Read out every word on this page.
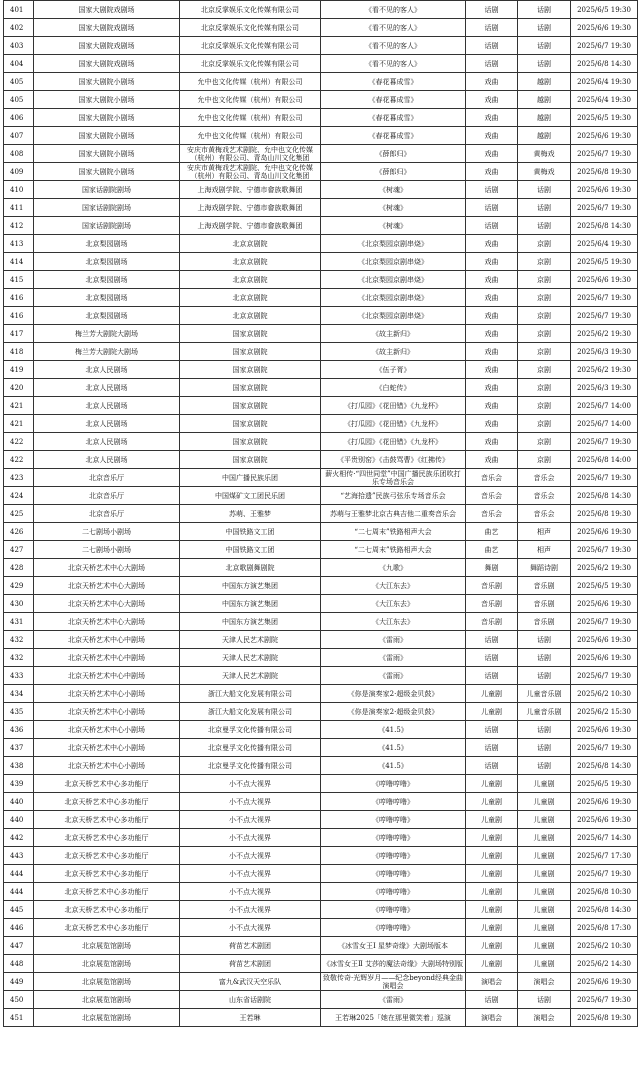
401	国家大剧院戏剧场	北京反掌娱乐文化传媒有限公司	《看不见的客人》	话剧	话剧	2025/6/5 19:30
402	国家大剧院戏剧场	北京反掌娱乐文化传媒有限公司	《看不见的客人》	话剧	话剧	2025/6/6 19:30
403	国家大剧院戏剧场	北京反掌娱乐文化传媒有限公司	《看不见的客人》	话剧	话剧	2025/6/7 19:30
404	国家大剧院戏剧场	北京反掌娱乐文化传媒有限公司	《看不见的客人》	话剧	话剧	2025/6/8 14:30
405	国家大剧院小剧场	允中也文化传媒（杭州）有限公司	《春花暮成雪》	戏曲	越剧	2025/6/4 19:30
405	国家大剧院小剧场	允中也文化传媒（杭州）有限公司	《春花暮成雪》	戏曲	越剧	2025/6/4 19:30
406	国家大剧院小剧场	允中也文化传媒（杭州）有限公司	《春花暮成雪》	戏曲	越剧	2025/6/5 19:30
407	国家大剧院小剧场	允中也文化传媒（杭州）有限公司	《春花暮成雪》	戏曲	越剧	2025/6/6 19:30
408	国家大剧院小剧场	安庆市黄梅戏艺术剧院、允中也文化传媒（杭州）有限公司、青岛山川文化集团	《薛郎归》	戏曲	黄梅戏	2025/6/7 19:30
409	国家大剧院小剧场	安庆市黄梅戏艺术剧院、允中也文化传媒（杭州）有限公司、青岛山川文化集团	《薛郎归》	戏曲	黄梅戏	2025/6/8 19:30
410	国家话剧院剧场	上海戏剧学院、宁德市畲族歌舞团	《树魂》	话剧	话剧	2025/6/6 19:30
411	国家话剧院剧场	上海戏剧学院、宁德市畲族歌舞团	《树魂》	话剧	话剧	2025/6/7 19:30
412	国家话剧院剧场	上海戏剧学院、宁德市畲族歌舞团	《树魂》	话剧	话剧	2025/6/8 14:30
413	北京梨园剧场	北京京剧院	《北京梨园京剧串烧》	戏曲	京剧	2025/6/4 19:30
414	北京梨园剧场	北京京剧院	《北京梨园京剧串烧》	戏曲	京剧	2025/6/5 19:30
415	北京梨园剧场	北京京剧院	《北京梨园京剧串烧》	戏曲	京剧	2025/6/6 19:30
416	北京梨园剧场	北京京剧院	《北京梨园京剧串烧》	戏曲	京剧	2025/6/7 19:30
416	北京梨园剧场	北京京剧院	《北京梨园京剧串烧》	戏曲	京剧	2025/6/7 19:30
417	梅兰芳大剧院大剧场	国家京剧院	《故主新归》	戏曲	京剧	2025/6/2 19:30
418	梅兰芳大剧院大剧场	国家京剧院	《故主新归》	戏曲	京剧	2025/6/3 19:30
419	北京人民剧场	国家京剧院	《伍子胥》	戏曲	京剧	2025/6/2 19:30
420	北京人民剧场	国家京剧院	《白蛇传》	戏曲	京剧	2025/6/3 19:30
421	北京人民剧场	国家京剧院	《打瓜园》《花田错》《九龙杯》	戏曲	京剧	2025/6/7 14:00
421	北京人民剧场	国家京剧院	《打瓜园》《花田错》《九龙杯》	戏曲	京剧	2025/6/7 14:00
422	北京人民剧场	国家京剧院	《打瓜园》《花田错》《九龙杯》	戏曲	京剧	2025/6/7 19:30
422	北京人民剧场	国家京剧院	《平贵别窑》《击鼓骂曹》《红拂传》	戏曲	京剧	2025/6/8 14:00
423	北京音乐厅	中国广播民族乐团	薪火相传·“四世同堂”中国广播民族乐团吹打乐专场音乐会	音乐会	音乐会	2025/6/7 19:30
424	北京音乐厅	中国煤矿文工团民乐团	“艺海拾遗”民族弓弦乐专场音乐会	音乐会	音乐会	2025/6/8 14:30
425	北京音乐厅	苏萌、王雅梦	苏萌与王雅梦北京古典吉他二重奏音乐会	音乐会	音乐会	2025/6/8 19:30
426	二七剧场小剧场	中国铁路文工团	“二七周末”铁路相声大会	曲艺	相声	2025/6/6 19:30
427	二七剧场小剧场	中国铁路文工团	“二七周末”铁路相声大会	曲艺	相声	2025/6/7 19:30
428	北京天桥艺术中心大剧场	北京歌剧舞剧院	《九歌》	舞剧	舞蹈诗剧	2025/6/2 19:30
429	北京天桥艺术中心大剧场	中国东方演艺集团	《大江东去》	音乐剧	音乐剧	2025/6/5 19:30
430	北京天桥艺术中心大剧场	中国东方演艺集团	《大江东去》	音乐剧	音乐剧	2025/6/6 19:30
431	北京天桥艺术中心大剧场	中国东方演艺集团	《大江东去》	音乐剧	音乐剧	2025/6/7 19:30
432	北京天桥艺术中心中剧场	天津人民艺术剧院	《雷雨》	话剧	话剧	2025/6/6 19:30
432	北京天桥艺术中心中剧场	天津人民艺术剧院	《雷雨》	话剧	话剧	2025/6/6 19:30
433	北京天桥艺术中心中剧场	天津人民艺术剧院	《雷雨》	话剧	话剧	2025/6/7 19:30
434	北京天桥艺术中心小剧场	浙江大船文化发展有限公司	《你是演奏家2·超级金贝鼓》	儿童剧	儿童音乐剧	2025/6/2 10:30
435	北京天桥艺术中心小剧场	浙江大船文化发展有限公司	《你是演奏家2·超级金贝鼓》	儿童剧	儿童音乐剧	2025/6/2 15:30
436	北京天桥艺术中心小剧场	北京曼孚文化传播有限公司	《41.5》	话剧	话剧	2025/6/6 19:30
437	北京天桥艺术中心小剧场	北京曼孚文化传播有限公司	《41.5》	话剧	话剧	2025/6/7 19:30
438	北京天桥艺术中心小剧场	北京曼孚文化传播有限公司	《41.5》	话剧	话剧	2025/6/8 14:30
439	北京天桥艺术中心多功能厅	小不点大视界	《哼噜哼噜》	儿童剧	儿童剧	2025/6/5 19:30
440	北京天桥艺术中心多功能厅	小不点大视界	《哼噜哼噜》	儿童剧	儿童剧	2025/6/6 19:30
440	北京天桥艺术中心多功能厅	小不点大视界	《哼噜哼噜》	儿童剧	儿童剧	2025/6/6 19:30
442	北京天桥艺术中心多功能厅	小不点大视界	《哼噜哼噜》	儿童剧	儿童剧	2025/6/7 14:30
443	北京天桥艺术中心多功能厅	小不点大视界	《哼噜哼噜》	儿童剧	儿童剧	2025/6/7 17:30
444	北京天桥艺术中心多功能厅	小不点大视界	《哼噜哼噜》	儿童剧	儿童剧	2025/6/7 19:30
444	北京天桥艺术中心多功能厅	小不点大视界	《哼噜哼噜》	儿童剧	儿童剧	2025/6/8 10:30
445	北京天桥艺术中心多功能厅	小不点大视界	《哼噜哼噜》	儿童剧	儿童剧	2025/6/8 14:30
446	北京天桥艺术中心多功能厅	小不点大视界	《哼噜哼噜》	儿童剧	儿童剧	2025/6/8 17:30
447	北京展览馆剧场	荷苗艺术剧团	《冰雪女王Ⅰ 星梦奇缘》大剧场版本	儿童剧	儿童剧	2025/6/2 10:30
448	北京展览馆剧场	荷苗艺术剧团	《冰雪女王Ⅱ 艾莎的魔法奇缘》大剧场特别版	儿童剧	儿童剧	2025/6/2 14:30
449	北京展览馆剧场	富九&武汉天空乐队	致敬传奇·光辉岁月——纪念beyond经典金曲演唱会	演唱会	演唱会	2025/6/6 19:30
450	北京展览馆剧场	山东省话剧院	《雷雨》	话剧	话剧	2025/6/7 19:30
451	北京展览馆剧场	王若琳	王若琳2025「她在那里微笑着」巡演	演唱会	演唱会	2025/6/8 19:30
